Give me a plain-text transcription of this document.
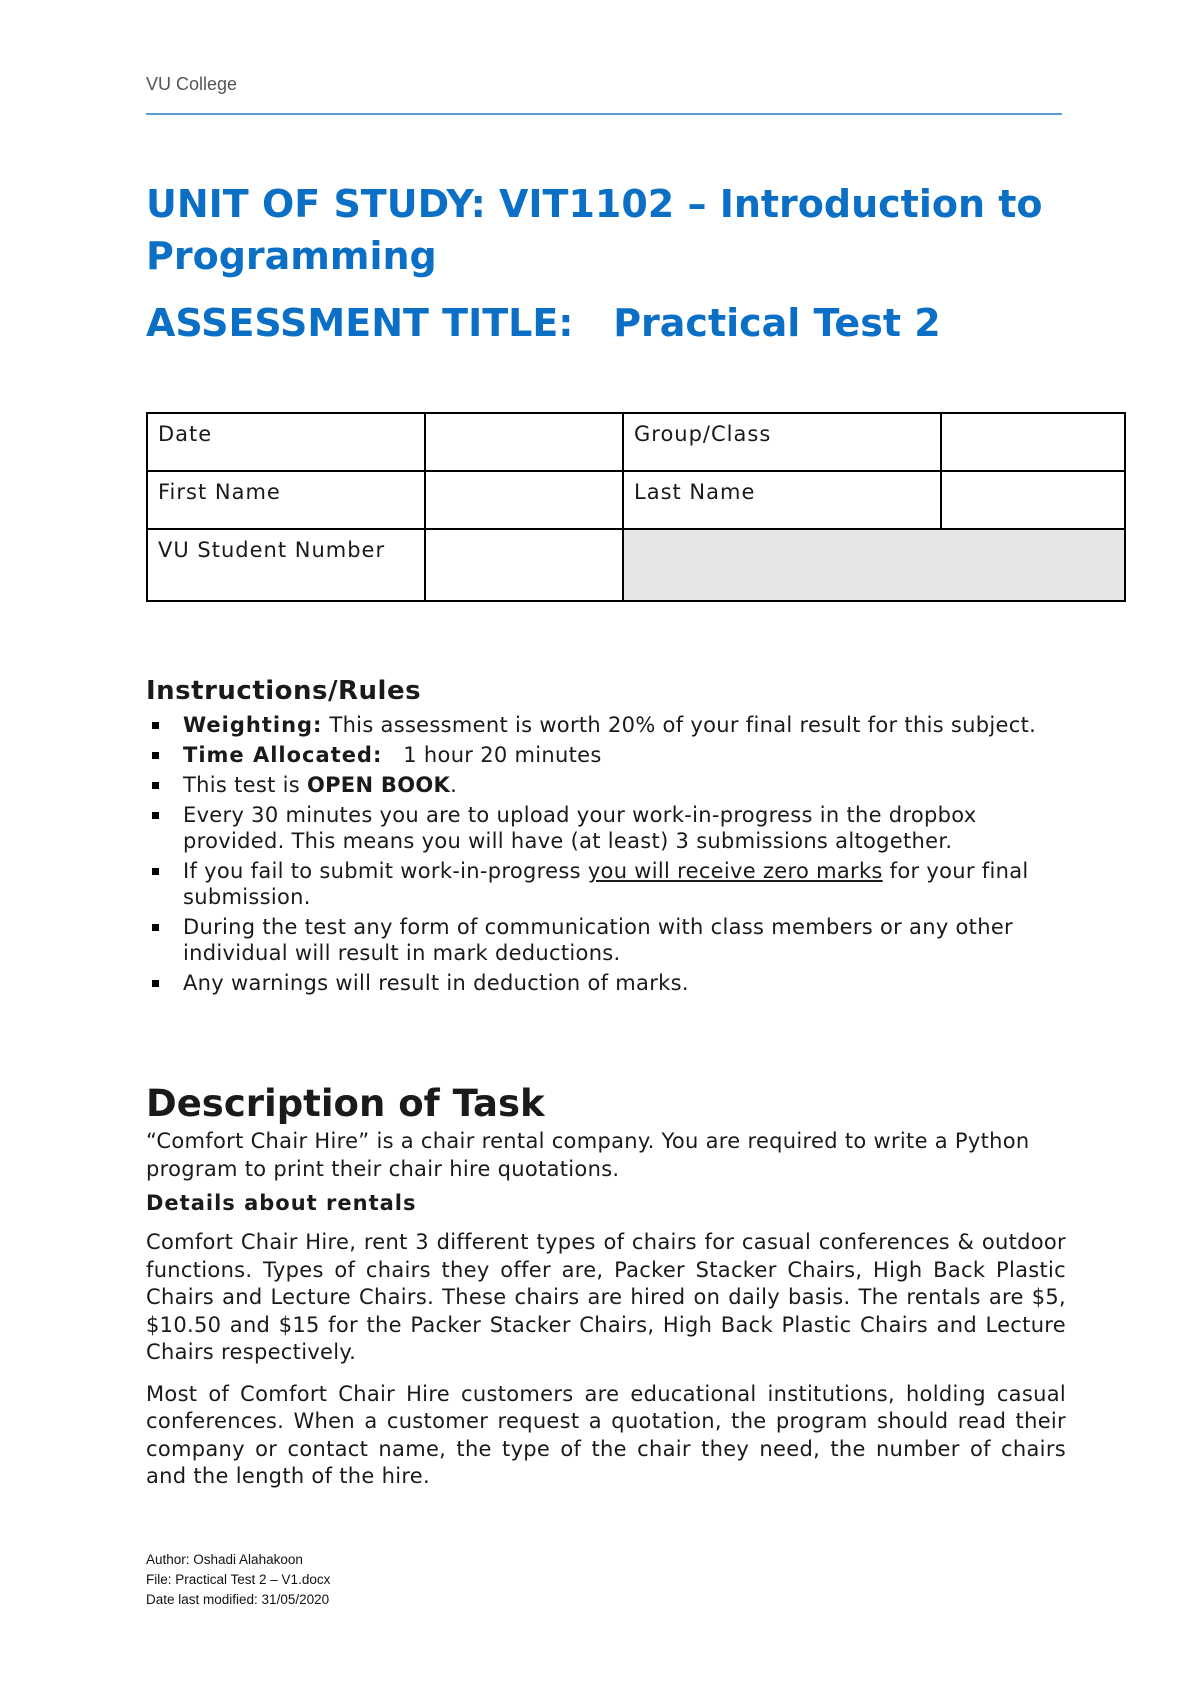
VU College
UNIT OF STUDY: VIT1102 – Introduction to Programming
ASSESSMENT TITLE:   Practical Test 2
Date		Group/Class	
First Name		Last Name	
VU Student Number			
Instructions/Rules
Weighting: This assessment is worth 20% of your final result for this subject.
Time Allocated:   1 hour 20 minutes
This test is OPEN BOOK.
Every 30 minutes you are to upload your work-in-progress in the dropbox provided. This means you will have (at least) 3 submissions altogether.
If you fail to submit work-in-progress you will receive zero marks for your final submission.
During the test any form of communication with class members or any other individual will result in mark deductions.
Any warnings will result in deduction of marks.
Description of Task

“Comfort Chair Hire” is a chair rental company. You are required to write a Python program to print their chair hire quotations.

Details about rentals

Comfort Chair Hire, rent 3 different types of chairs for casual conferences & outdoor functions. Types of chairs they offer are, Packer Stacker Chairs, High Back Plastic Chairs and Lecture Chairs. These chairs are hired on daily basis. The rentals are $5, $10.50 and $15 for the Packer Stacker Chairs, High Back Plastic Chairs and Lecture Chairs respectively.

Most of Comfort Chair Hire customers are educational institutions, holding casual conferences. When a customer request a quotation, the program should read their company or contact name, the type of the chair they need, the number of chairs and the length of the hire.

Author: Oshadi Alahakoon
File: Practical Test 2 – V1.docx
Date last modified: 31/05/2020
